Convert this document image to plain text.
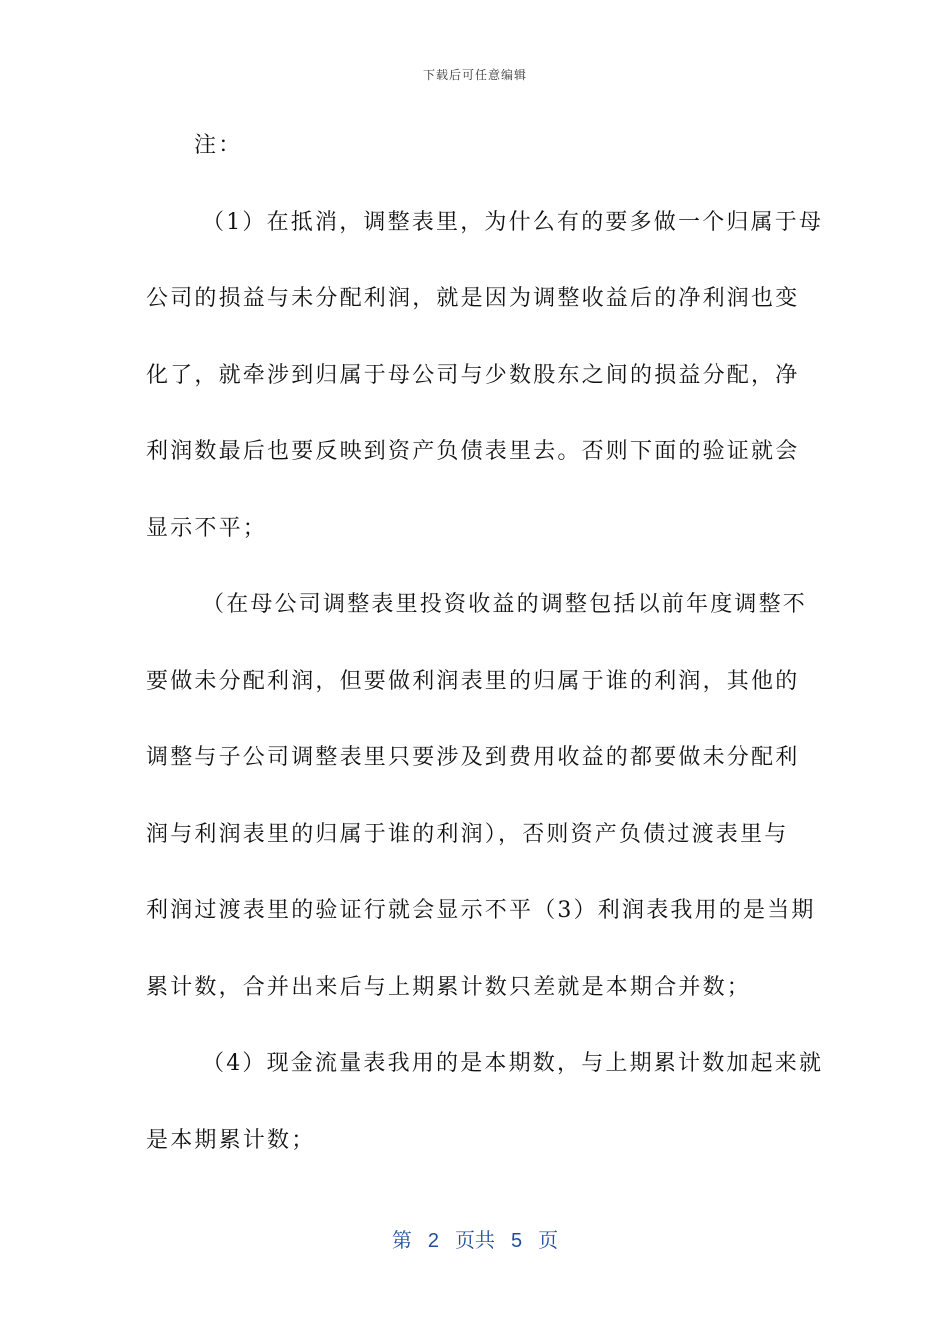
下载后可任意编辑
注：
（1）在抵消，调整表里，为什么有的要多做一个归属于母
公司的损益与未分配利润，就是因为调整收益后的净利润也变
化了，就牵涉到归属于母公司与少数股东之间的损益分配，净
利润数最后也要反映到资产负债表里去。否则下面的验证就会
显示不平；
（在母公司调整表里投资收益的调整包括以前年度调整不
要做未分配利润，但要做利润表里的归属于谁的利润，其他的
调整与子公司调整表里只要涉及到费用收益的都要做未分配利
润与利润表里的归属于谁的利润），否则资产负债过渡表里与
利润过渡表里的验证行就会显示不平（3）利润表我用的是当期
累计数，合并出来后与上期累计数只差就是本期合并数；
（4）现金流量表我用的是本期数，与上期累计数加起来就
是本期累计数；
第 2 页共 5 页
